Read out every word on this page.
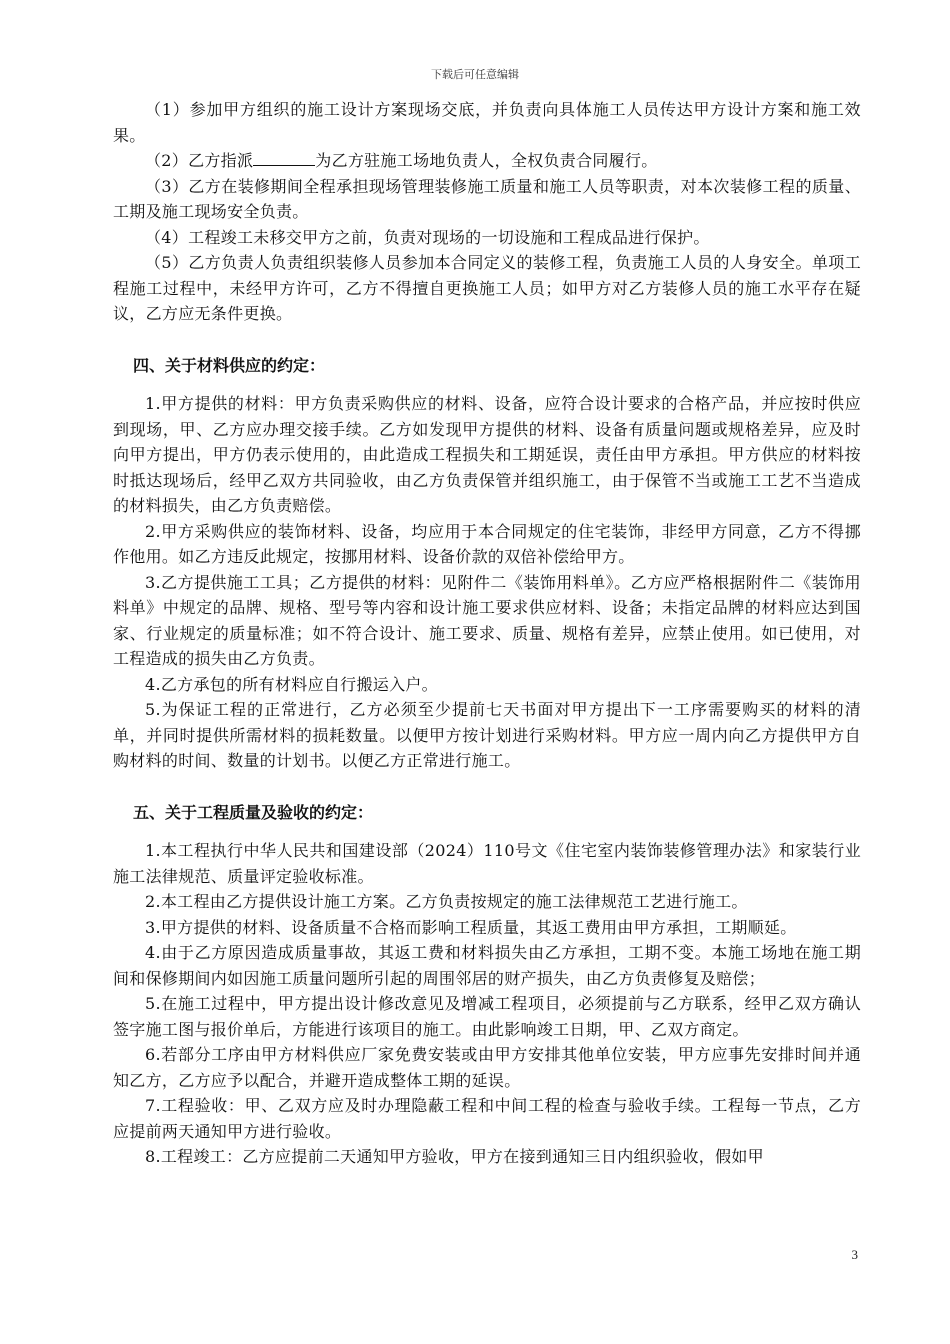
下载后可任意编辑

（1）参加甲方组织的施工设计方案现场交底，并负责向具体施工人员传达甲方设计方案和施工效果。

（2）乙方指派	为乙方驻施工场地负责人，全权负责合同履行。

（3）乙方在装修期间全程承担现场管理装修施工质量和施工人员等职责，对本次装修工程的质量、工期及施工现场安全负责。

（4）工程竣工未移交甲方之前，负责对现场的一切设施和工程成品进行保护。

（5）乙方负责人负责组织装修人员参加本合同定义的装修工程，负责施工人员的人身安全。单项工程施工过程中，未经甲方许可，乙方不得擅自更换施工人员；如甲方对乙方装修人员的施工水平存在疑议，乙方应无条件更换。

四、关于材料供应的约定：

1.甲方提供的材料：甲方负责采购供应的材料、设备，应符合设计要求的合格产品，并应按时供应到现场，甲、乙方应办理交接手续。乙方如发现甲方提供的材料、设备有质量问题或规格差异，应及时向甲方提出，甲方仍表示使用的，由此造成工程损失和工期延误，责任由甲方承担。甲方供应的材料按时抵达现场后，经甲乙双方共同验收，由乙方负责保管并组织施工，由于保管不当或施工工艺不当造成的材料损失，由乙方负责赔偿。

2.甲方采购供应的装饰材料、设备，均应用于本合同规定的住宅装饰，非经甲方同意，乙方不得挪作他用。如乙方违反此规定，按挪用材料、设备价款的双倍补偿给甲方。

3.乙方提供施工工具；乙方提供的材料：见附件二《装饰用料单》。乙方应严格根据附件二《装饰用料单》中规定的品牌、规格、型号等内容和设计施工要求供应材料、设备；未指定品牌的材料应达到国家、行业规定的质量标准；如不符合设计、施工要求、质量、规格有差异，应禁止使用。如已使用，对工程造成的损失由乙方负责。

4.乙方承包的所有材料应自行搬运入户。

5.为保证工程的正常进行，乙方必须至少提前七天书面对甲方提出下一工序需要购买的材料的清单，并同时提供所需材料的损耗数量。以便甲方按计划进行采购材料。甲方应一周内向乙方提供甲方自购材料的时间、数量的计划书。以便乙方正常进行施工。

五、关于工程质量及验收的约定：

1.本工程执行中华人民共和国建设部（2024）110号文《住宅室内装饰装修管理办法》和家装行业施工法律规范、质量评定验收标准。

2.本工程由乙方提供设计施工方案。乙方负责按规定的施工法律规范工艺进行施工。

3.甲方提供的材料、设备质量不合格而影响工程质量，其返工费用由甲方承担，工期顺延。

4.由于乙方原因造成质量事故，其返工费和材料损失由乙方承担，工期不变。本施工场地在施工期间和保修期间内如因施工质量问题所引起的周围邻居的财产损失，由乙方负责修复及赔偿；

5.在施工过程中，甲方提出设计修改意见及增减工程项目，必须提前与乙方联系，经甲乙双方确认签字施工图与报价单后，方能进行该项目的施工。由此影响竣工日期，甲、乙双方商定。

6.若部分工序由甲方材料供应厂家免费安装或由甲方安排其他单位安装，甲方应事先安排时间并通知乙方，乙方应予以配合，并避开造成整体工期的延误。

7.工程验收：甲、乙双方应及时办理隐蔽工程和中间工程的检查与验收手续。工程每一节点，乙方应提前两天通知甲方进行验收。

8.工程竣工：乙方应提前二天通知甲方验收，甲方在接到通知三日内组织验收，假如甲

3
